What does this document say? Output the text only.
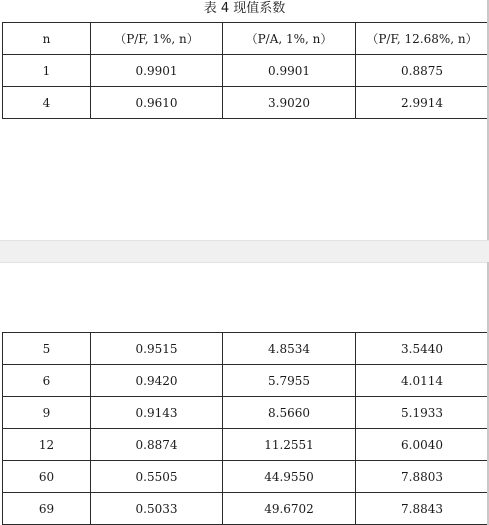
表 4 现值系数
n	（P/F, 1%, n）	（P/A, 1%, n）	（P/F, 12.68%, n）
1	0.9901	0.9901	0.8875
4	0.9610	3.9020	2.9914
5	0.9515	4.8534	3.5440
6	0.9420	5.7955	4.0114
9	0.9143	8.5660	5.1933
12	0.8874	11.2551	6.0040
60	0.5505	44.9550	7.8803
69	0.5033	49.6702	7.8843
